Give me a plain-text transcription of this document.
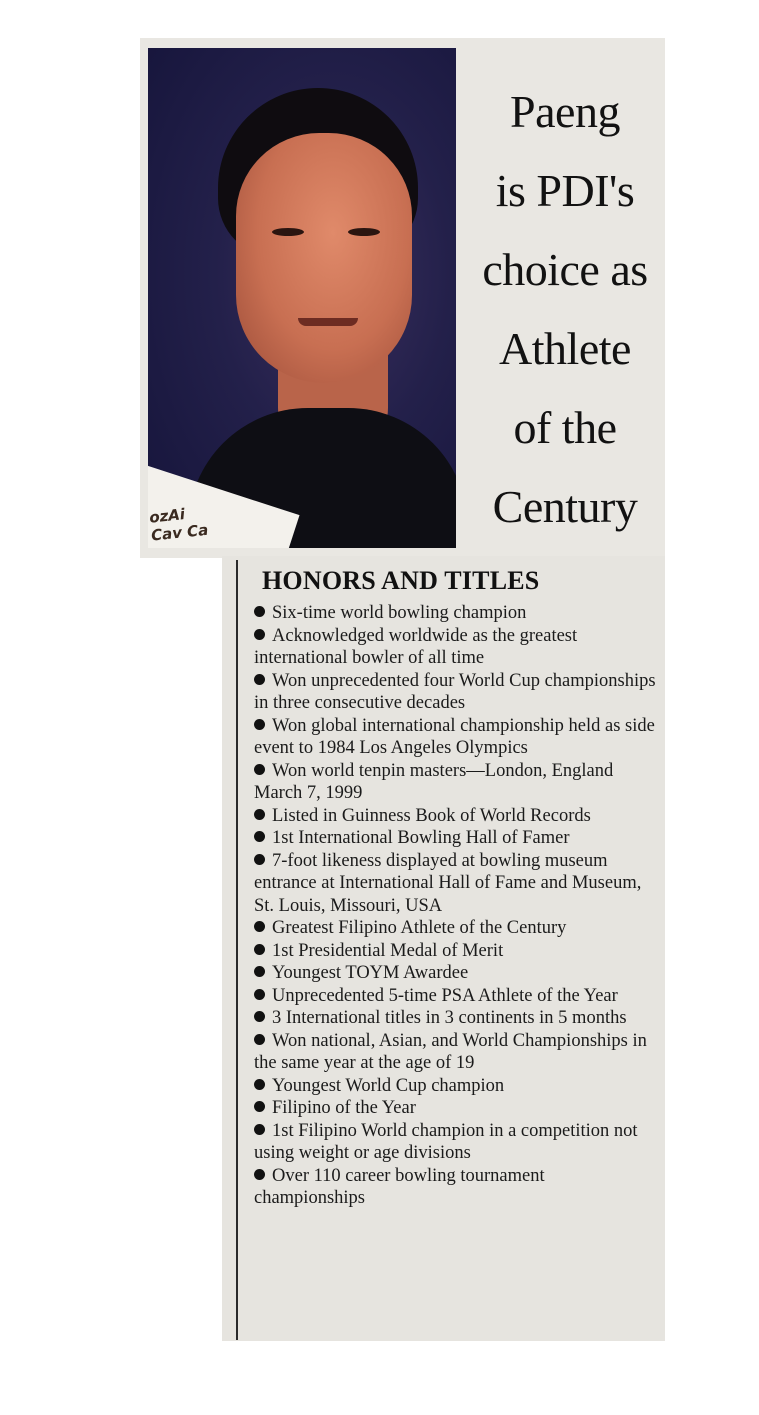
ozAi
Cav Ca
Paeng
is PDI's
choice as
Athlete
of the
Century
HONORS AND TITLES
Six-time world bowling champion
Acknowledged worldwide as the greatest international bowler of all time
Won unprecedented four World Cup championships in three consecutive decades
Won global international championship held as side event to 1984 Los Angeles Olympics
Won world tenpin masters—London, England March 7, 1999
Listed in Guinness Book of World Records
1st International Bowling Hall of Famer
7-foot likeness displayed at bowling museum entrance at International Hall of Fame and Museum, St. Louis, Missouri, USA
Greatest Filipino Athlete of the Century
1st Presidential Medal of Merit
Youngest TOYM Awardee
Unprecedented 5-time PSA Athlete of the Year
3 International titles in 3 continents in 5 months
Won national, Asian, and World Championships in the same year at the age of 19
Youngest World Cup champion
Filipino of the Year
1st Filipino World champion in a competition not using weight or age divisions
Over 110 career bowling tournament championships
